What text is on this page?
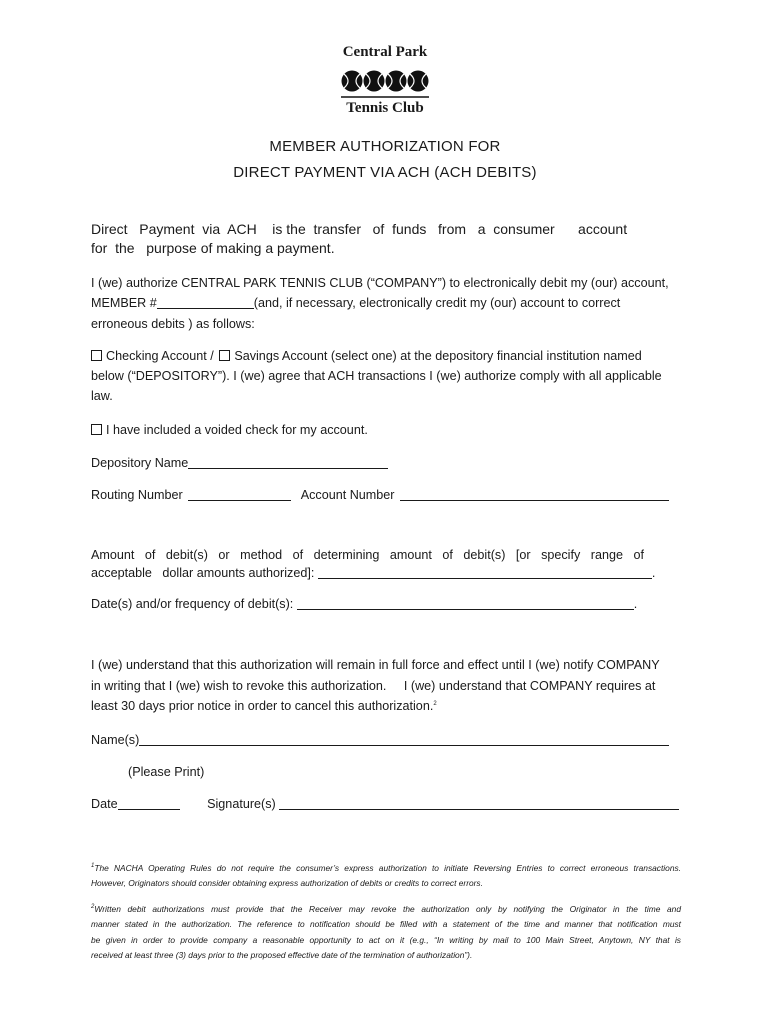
Central Park
Tennis Club
MEMBER AUTHORIZATION FOR
DIRECT PAYMENT VIA ACH (ACH DEBITS)
Direct   Payment  via  ACH    is the  transfer   of  funds   from   a  consumer      account
for  the   purpose of making a payment.
I (we) authorize CENTRAL PARK TENNIS CLUB (“COMPANY”) to electronically debit my (our) account,
MEMBER #	(and, if necessary, electronically credit my (our) account to correct
erroneous debits ) as follows:
Checking Account / Savings Account (select one) at the depository financial institution named
below (“DEPOSITORY”). I (we) agree that ACH transactions I (we) authorize comply with all applicable
law.
I have included a voided check for my account.
Depository Name
Routing Number	Account Number
Amount   of   debit(s)   or   method   of   determining   amount   of   debit(s)   [or   specify   range   of
acceptable   dollar amounts authorized]:	.
Date(s) and/or frequency of debit(s):	.
I (we) understand that this authorization will remain in full force and effect until I (we) notify COMPANY
in writing that I (we) wish to revoke this authorization.     I (we) understand that COMPANY requires at
least 30 days prior notice in order to cancel this authorization.$^2$
Name(s)
(Please Print)
Date	Signature(s)
$^1$The NACHA Operating Rules do not require the consumer’s express authorization to initiate Reversing Entries to correct erroneous transactions.
However, Originators should consider obtaining express authorization of debits or credits to correct errors.
$^2$Written debit authorizations must provide that the Receiver may revoke the authorization only by notifying the Originator in the time and
manner stated in the authorization. The reference to notification should be filled with a statement of the time and manner that notification must
be given in order to provide company a reasonable opportunity to act on it (e.g., “In writing by mail to 100 Main Street, Anytown, NY that is
received at least three (3) days prior to the proposed effective date of the termination of authorization”).
